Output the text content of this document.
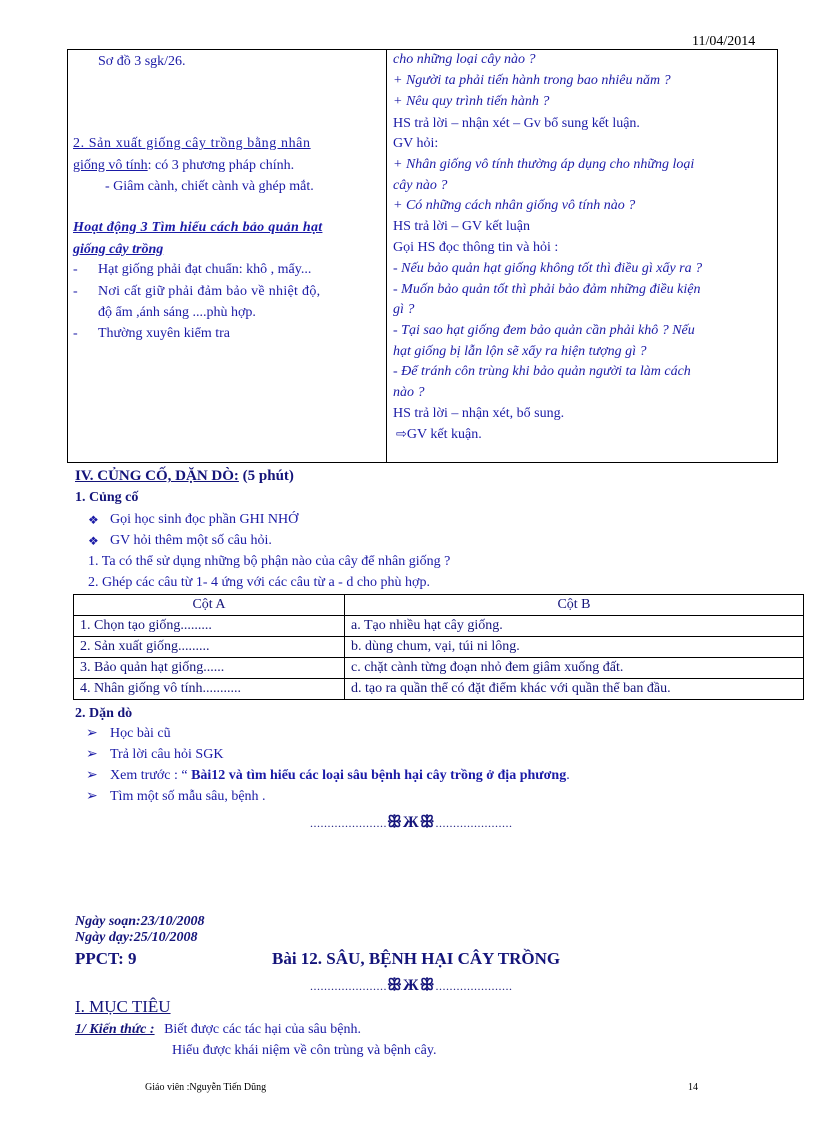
11/04/2014
Sơ đồ 3 sgk/26.
2. Sản xuất giống cây trồng bằng nhân
giống vô tính: có 3 phương pháp chính.
- Giâm cành, chiết cành và ghép mắt.
Hoạt động 3 Tìm hiểu cách bảo quản hạt
giống cây trồng
- Hạt giống phải đạt chuẩn: khô , mẩy...
- Nơi cất giữ phải đảm bảo về nhiệt độ,
độ ẩm ,ánh sáng ....phù hợp.
- Thường xuyên kiểm tra
cho những loại cây nào ?
+ Người ta phải tiến hành trong bao nhiêu năm ?
+ Nêu quy trình tiến hành ?
HS trả lời – nhận xét – Gv bổ sung kết luận.
GV hỏi:
+ Nhân giống vô tính thường áp dụng cho những loại
cây nào ?
+ Có những cách nhân giống vô tính nào ?
HS trả lời – GV kết luận
Gọi HS đọc thông tin và hỏi :
- Nếu bảo quản hạt giống không tốt thì điều gì xẩy ra ?
- Muốn bảo quản tốt thì phải bảo đảm những điều kiện
gì ?
- Tại sao hạt giống đem bảo quản cần phải khô ? Nếu
hạt giống bị lẫn lộn sẽ xẩy ra hiện tượng gì ?
- Để tránh côn trùng khi bảo quản người ta làm cách
nào ?
HS trả lời – nhận xét, bổ sung.
⇨GV kết kuận.
IV. CỦNG CỐ, DẶN DÒ: (5 phút)
1. Củng cố
❖ Gọi học sinh đọc phần GHI NHỚ
❖ GV hỏi thêm một số câu hỏi.
1. Ta có thể sử dụng những bộ phận nào của cây để nhân giống ?
2. Ghép các câu từ 1- 4 ứng với các câu từ a - d cho phù hợp.
Cột A	Cột B
1. Chọn tạo giống.........	a. Tạo nhiều hạt cây giống.
2. Sản xuất giống.........	b. dùng chum, vại, túi ni lông.
3. Bảo quản hạt giống......	c. chặt cành từng đoạn nhỏ đem giâm xuống đất.
4. Nhân giống vô tính...........	d. tạo ra quần thể có đặt điểm khác với quần thể ban đầu.
2. Dặn dò
➢ Học bài cũ
➢ Trả lời câu hỏi SGK
➢ Xem trước : “ Bài12 và tìm hiểu các loại sâu bệnh hại cây trồng ở địa phương.
➢ Tìm một số mẫu sâu, bệnh .
......................ꕥЖꕥ......................
Ngày soạn:23/10/2008
Ngày dạy:25/10/2008
PPCT: 9	Bài 12. SÂU, BỆNH HẠI CÂY TRỒNG
......................ꕥЖꕥ......................
I. MỤC TIÊU
1/ Kiến thức : Biết được các tác hại của sâu bệnh.
Hiểu được khái niệm về côn trùng và bệnh cây.
Giáo viên :Nguyễn Tiến Dũng	14
